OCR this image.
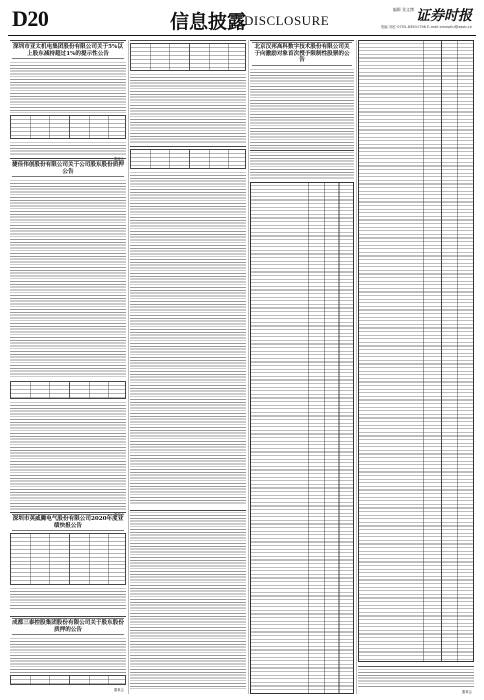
D20	信息披露
DISCLOSURE
编辑 张文博
美编 刘红·0755-83501796 E-mail:xinxipilu@zqsb.cn
证券时报
深圳市亚太机电集团股份有限公司关于5%以上股东减持超过1%的提示性公告
董事会
捷佳伟创股份有限公司关于公司股东股份质押公告
董事会
深圳市英威腾电气股份有限公司2020年度业绩快报公告
成都三泰控股集团股份有限公司关于股东股份质押的公告
董事会
北京汉邦高科数字技术股份有限公司关于向激励对象首次授予限制性股票的公告
董事会
